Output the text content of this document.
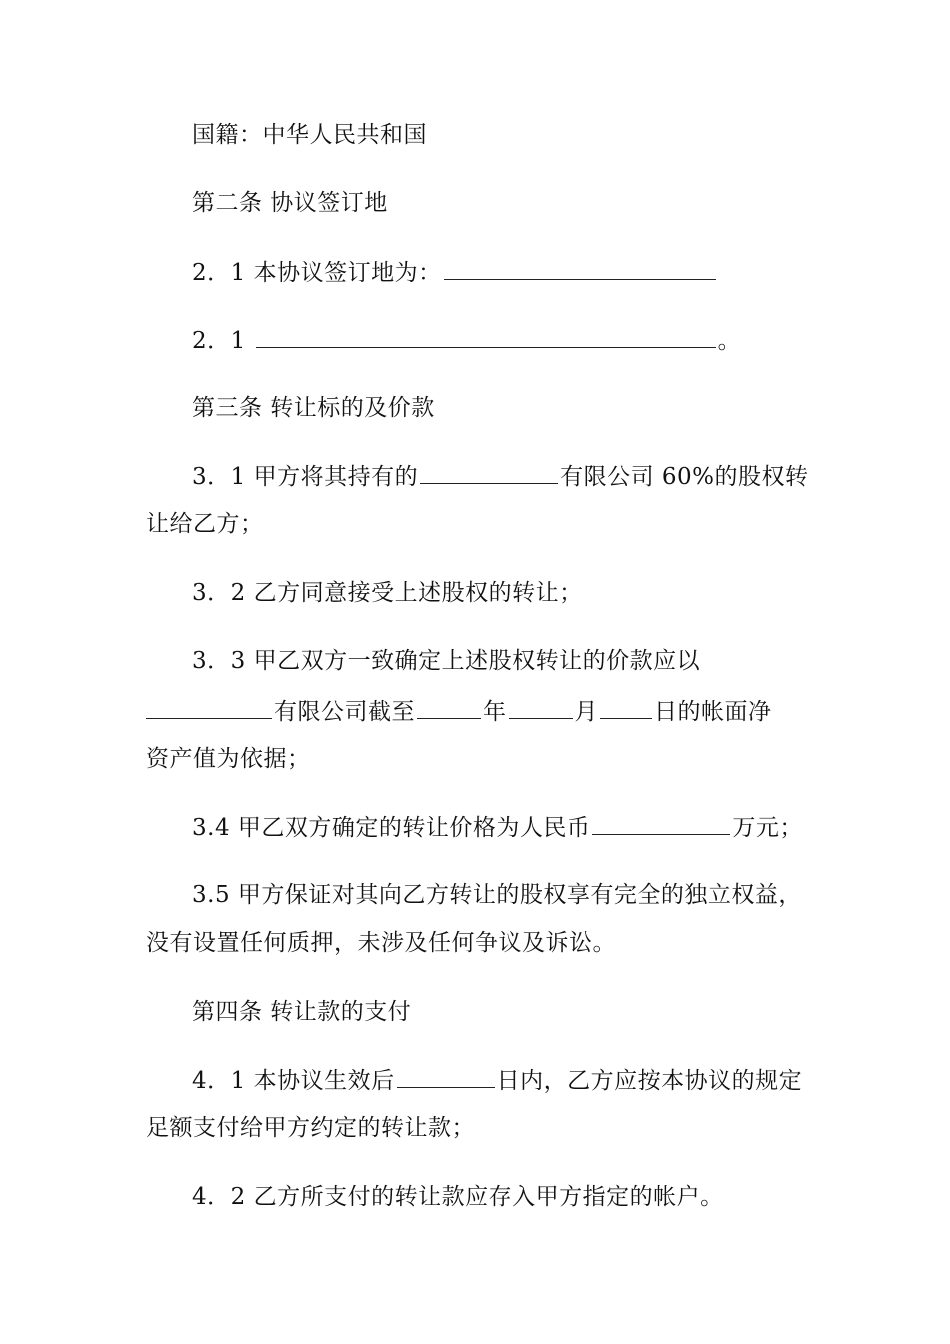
国籍：中华人民共和国
第二条 协议签订地
2．1 本协议签订地为：
2．1	。
第三条 转让标的及价款
3．1 甲方将其持有的	有限公司 60%的股权转
让给乙方；
3．2 乙方同意接受上述股权的转让；
3．3 甲乙双方一致确定上述股权转让的价款应以
有限公司截至	年	月 日的帐面净
资产值为依据；
3.4 甲乙双方确定的转让价格为人民币	万元；
3.5 甲方保证对其向乙方转让的股权享有完全的独立权益，
没有设置任何质押，未涉及任何争议及诉讼。
第四条 转让款的支付
4．1 本协议生效后	日内，乙方应按本协议的规定
足额支付给甲方约定的转让款；
4．2 乙方所支付的转让款应存入甲方指定的帐户。
